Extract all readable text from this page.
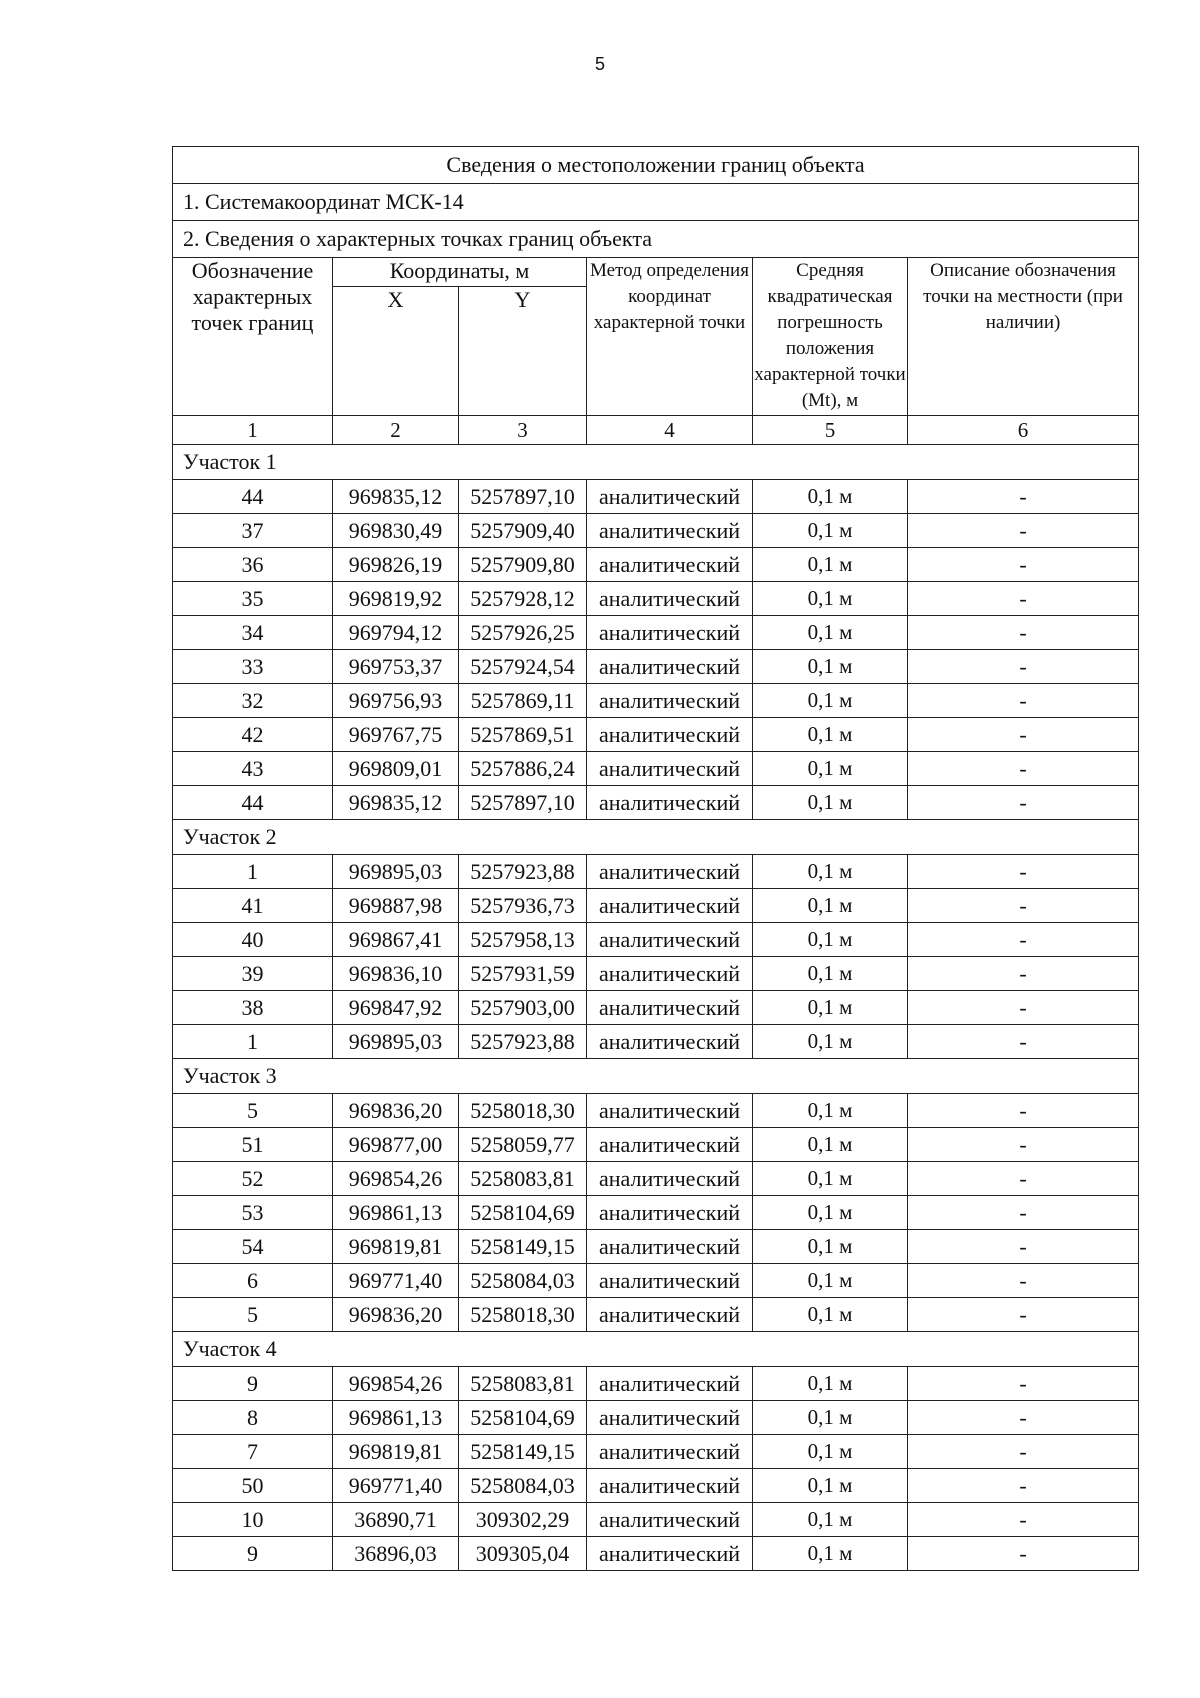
5
Сведения о местоположении границ объекта					
1. Системакоординат МСК-14					
2. Сведения о характерных точках границ объекта					
Обозначение характерных точек границ	Координаты, м		Метод определения координат характерной точки	Средняя квадратическая погрешность положения характерной точки (Mt), м	Описание обозначения точки на местности (при наличии)
	X	Y			
1	2	3	4	5	6
Участок 1					
44	969835,12	5257897,10	аналитический	0,1 м	-
37	969830,49	5257909,40	аналитический	0,1 м	-
36	969826,19	5257909,80	аналитический	0,1 м	-
35	969819,92	5257928,12	аналитический	0,1 м	-
34	969794,12	5257926,25	аналитический	0,1 м	-
33	969753,37	5257924,54	аналитический	0,1 м	-
32	969756,93	5257869,11	аналитический	0,1 м	-
42	969767,75	5257869,51	аналитический	0,1 м	-
43	969809,01	5257886,24	аналитический	0,1 м	-
44	969835,12	5257897,10	аналитический	0,1 м	-
Участок 2					
1	969895,03	5257923,88	аналитический	0,1 м	-
41	969887,98	5257936,73	аналитический	0,1 м	-
40	969867,41	5257958,13	аналитический	0,1 м	-
39	969836,10	5257931,59	аналитический	0,1 м	-
38	969847,92	5257903,00	аналитический	0,1 м	-
1	969895,03	5257923,88	аналитический	0,1 м	-
Участок 3					
5	969836,20	5258018,30	аналитический	0,1 м	-
51	969877,00	5258059,77	аналитический	0,1 м	-
52	969854,26	5258083,81	аналитический	0,1 м	-
53	969861,13	5258104,69	аналитический	0,1 м	-
54	969819,81	5258149,15	аналитический	0,1 м	-
6	969771,40	5258084,03	аналитический	0,1 м	-
5	969836,20	5258018,30	аналитический	0,1 м	-
Участок 4					
9	969854,26	5258083,81	аналитический	0,1 м	-
8	969861,13	5258104,69	аналитический	0,1 м	-
7	969819,81	5258149,15	аналитический	0,1 м	-
50	969771,40	5258084,03	аналитический	0,1 м	-
10	36890,71	309302,29	аналитический	0,1 м	-
9	36896,03	309305,04	аналитический	0,1 м	-
